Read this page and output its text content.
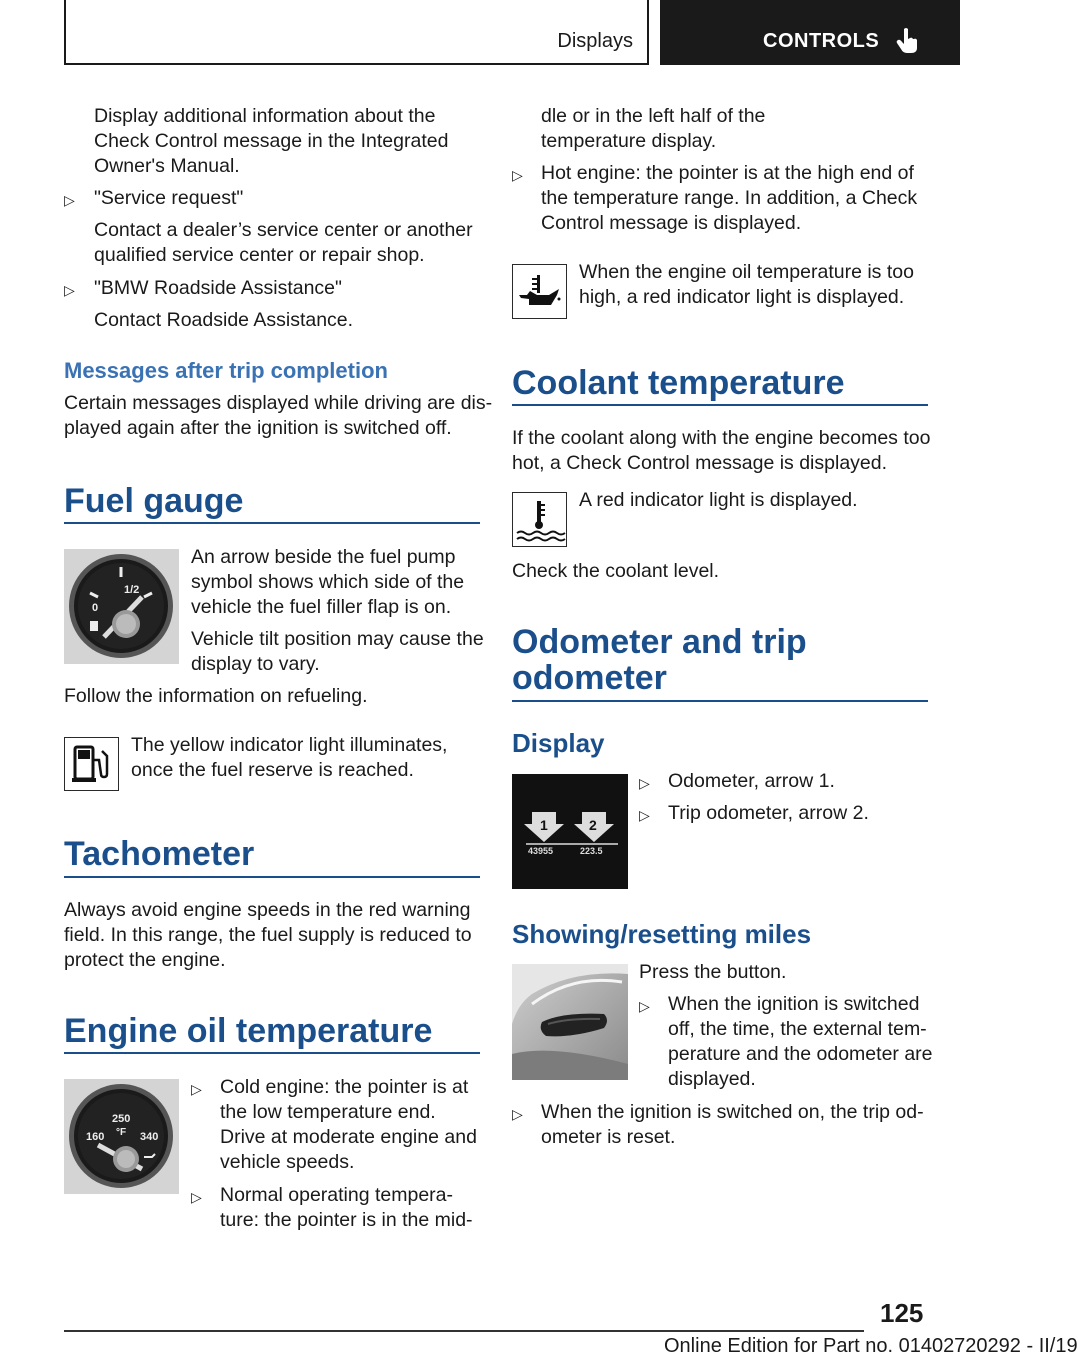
Displays	CONTROLS
Display additional information about the
Check Control message in the Integrated
Owner's Manual.
▷ "Service request"
Contact a dealer’s service center or another
qualified service center or repair shop.
▷ "BMW Roadside Assistance"
Contact Roadside Assistance.
Messages after trip completion
Certain messages displayed while driving are dis‐
played again after the ignition is switched off.
Fuel gauge
1/2
0
An arrow beside the fuel pump
symbol shows which side of the
vehicle the fuel filler flap is on.
Vehicle tilt position may cause the
display to vary.
Follow the information on refueling.
The yellow indicator light illuminates,
once the fuel reserve is reached.
Tachometer
Always avoid engine speeds in the red warning
field. In this range, the fuel supply is reduced to
protect the engine.
Engine oil temperature
250
°F
160	340
▷ Cold engine: the pointer is at
the low temperature end.
Drive at moderate engine and
vehicle speeds.
▷ Normal operating tempera‐
ture: the pointer is in the mid‐
dle or in the left half of the
temperature display.
▷ Hot engine: the pointer is at the high end of
the temperature range. In addition, a Check
Control message is displayed.
When the engine oil temperature is too
high, a red indicator light is displayed.
Coolant temperature
If the coolant along with the engine becomes too
hot, a Check Control message is displayed.
A red indicator light is displayed.
Check the coolant level.
Odometer and trip
odometer
Display
1	2
43955	223.5
▷ Odometer, arrow 1.
▷ Trip odometer, arrow 2.
Showing/resetting miles
Press the button.
▷ When the ignition is switched
off, the time, the external tem‐
perature and the odometer are
displayed.
▷ When the ignition is switched on, the trip od‐
ometer is reset.
125
Online Edition for Part no. 01402720292 - II/19
